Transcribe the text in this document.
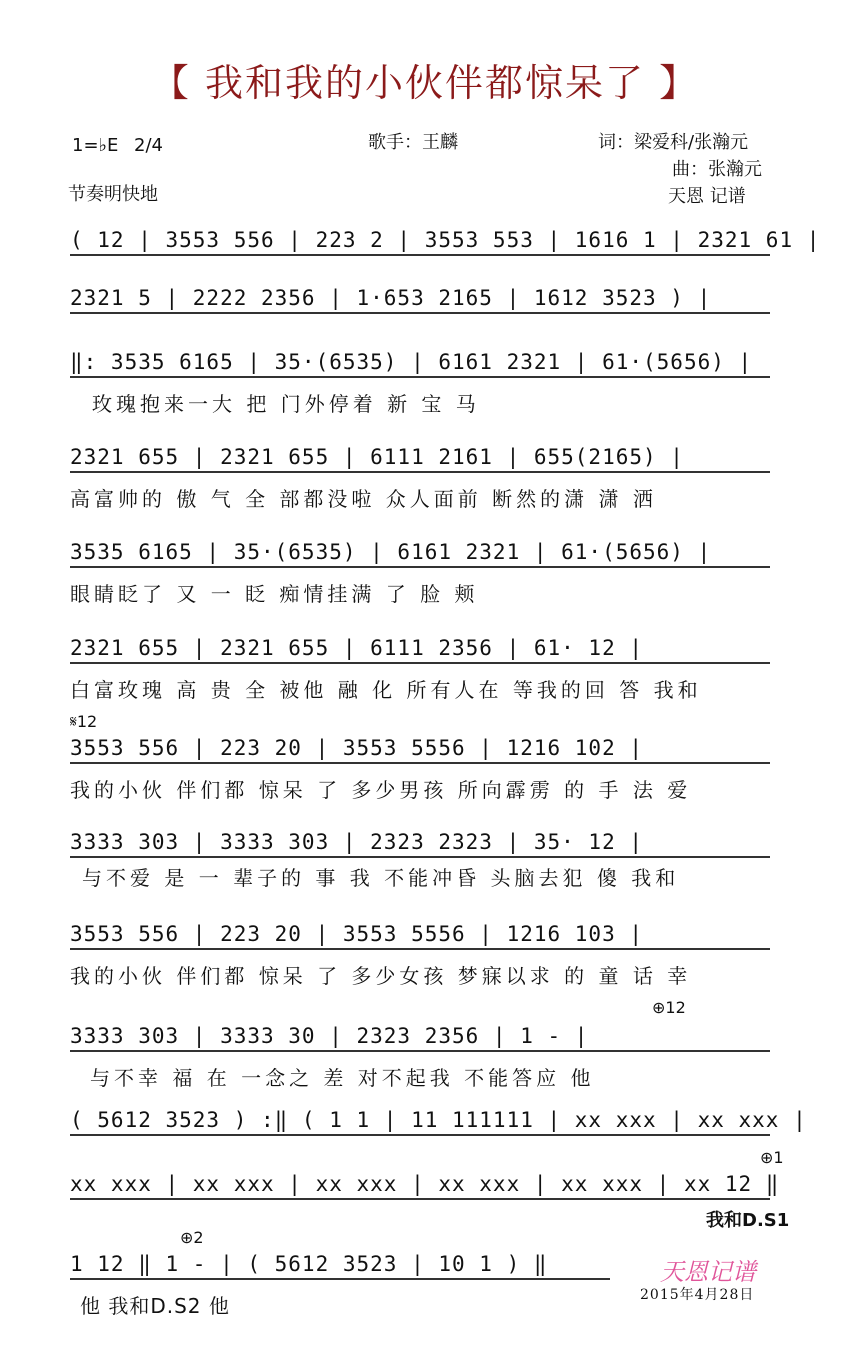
【 我和我的小伙伴都惊呆了 】
1=♭E 2/4
节奏明快地
歌手：王麟	词：梁爱科/张瀚元
曲：张瀚元
天恩 记谱
𝄋12
⊕12
⊕1
⊕2
( 12 | 3553 556 | 223 2 | 3553 553 | 1616 1 | 2321 61 |
2321 5 | 2222 2356 | 1·653 2165 | 1612 3523 ) |
‖: 3535 6165 | 35·(6535) | 6161 2321 | 61·(5656) |
玫瑰抱来一大 把 门外停着 新 宝 马
2321 655 | 2321 655 | 6111 2161 | 655(2165) |
高富帅的 傲 气 全 部都没啦 众人面前 断然的潇 潇 洒
3535 6165 | 35·(6535) | 6161 2321 | 61·(5656) |
眼睛眨了 又 一 眨 痴情挂满 了 脸 颊
2321 655 | 2321 655 | 6111 2356 | 61· 12 |
白富玫瑰 高 贵 全 被他 融 化 所有人在 等我的回 答 我和
3553 556 | 223 20 | 3553 5556 | 1216 102 |
我的小伙 伴们都 惊呆 了 多少男孩 所向霹雳 的 手 法 爱
3333 303 | 3333 303 | 2323 2323 | 35· 12 |
与不爱 是 一 辈子的 事 我 不能冲昏 头脑去犯 傻 我和
3553 556 | 223 20 | 3553 5556 | 1216 103 |
我的小伙 伴们都 惊呆 了 多少女孩 梦寐以求 的 童 话 幸
3333 303 | 3333 30 | 2323 2356 | 1 - |
与不幸 福 在 一念之 差 对不起我 不能答应 他
( 5612 3523 ) :‖ ( 1 1 | 11 111111 | xx xxx | xx xxx |
xx xxx | xx xxx | xx xxx | xx xxx | xx xxx | xx 12 ‖
我和D.S1
1 12 ‖ 1 - | ( 5612 3523 | 10 1 ) ‖
他 我和D.S2 他
天恩记谱
2015年4月28日
